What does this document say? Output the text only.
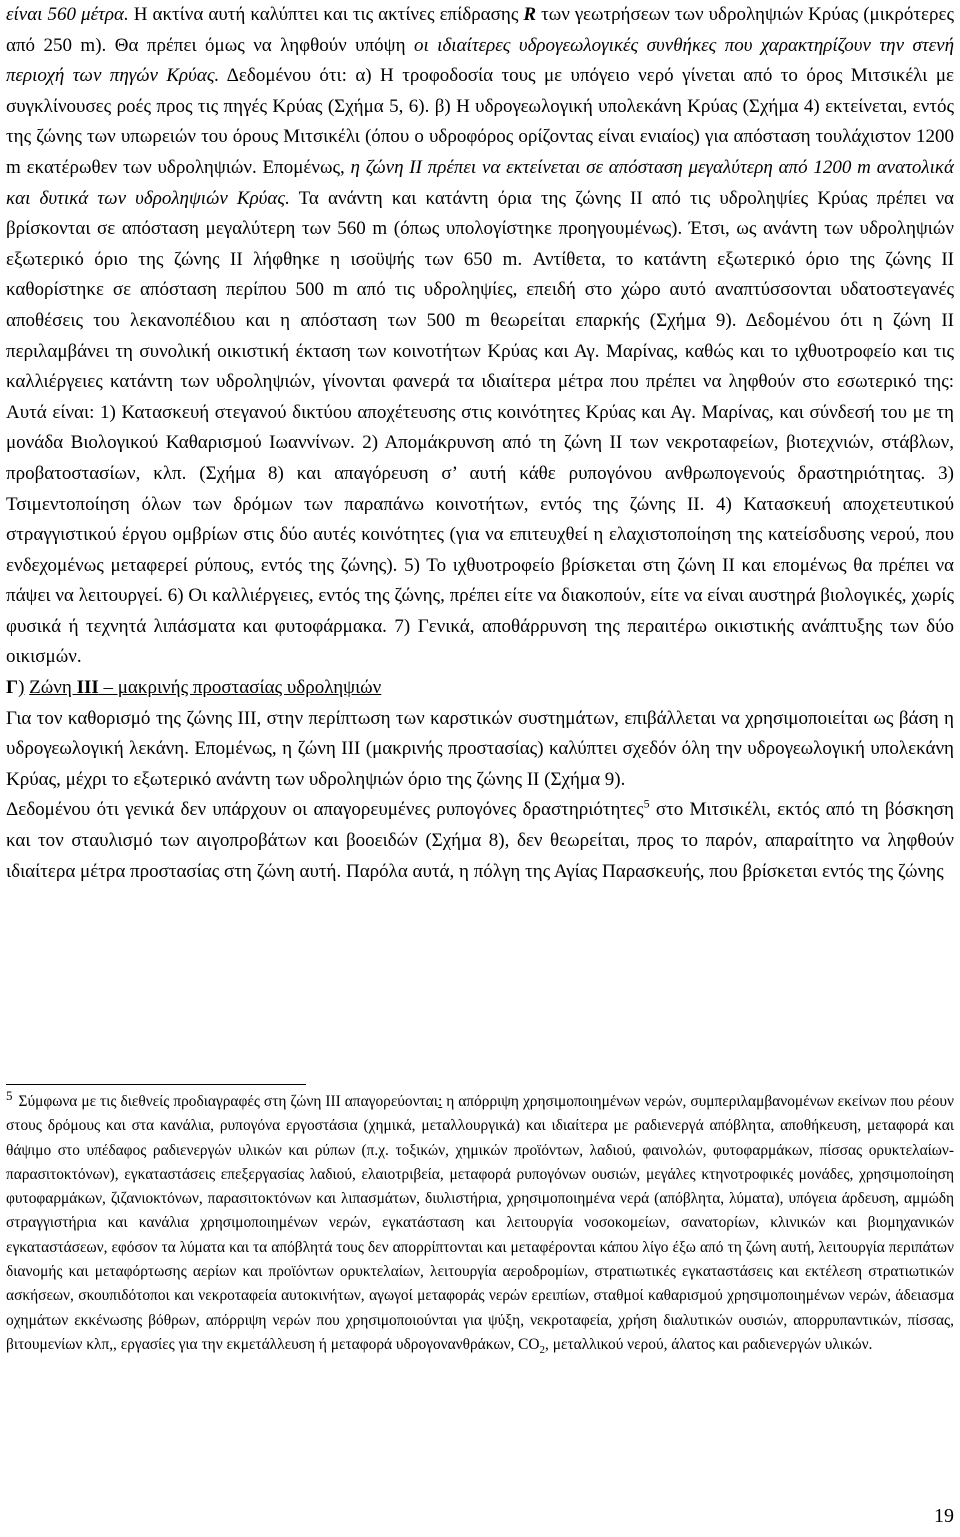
είναι 560 μέτρα. Η ακτίνα αυτή καλύπτει και τις ακτίνες επίδρασης R των γεωτρήσεων των υδροληψιών Κρύας (μικρότερες από 250 m). Θα πρέπει όμως να ληφθούν υπόψη οι ιδιαίτερες υδρογεωλογικές συνθήκες που χαρακτηρίζουν την στενή περιοχή των πηγών Κρύας. Δεδομένου ότι: α) Η τροφοδοσία τους με υπόγειο νερό γίνεται από το όρος Μιτσικέλι με συγκλίνουσες ροές προς τις πηγές Κρύας (Σχήμα 5, 6). β) Η υδρογεωλογική υπολεκάνη Κρύας (Σχήμα 4) εκτείνεται, εντός της ζώνης των υπωρειών του όρους Μιτσικέλι (όπου ο υδροφόρος ορίζοντας είναι ενιαίος) για απόσταση τουλάχιστον 1200 m εκατέρωθεν των υδροληψιών. Επομένως, η ζώνη ΙΙ πρέπει να εκτείνεται σε απόσταση μεγαλύτερη από 1200 m ανατολικά και δυτικά των υδροληψιών Κρύας. Τα ανάντη και κατάντη όρια της ζώνης ΙΙ από τις υδροληψίες Κρύας πρέπει να βρίσκονται σε απόσταση μεγαλύτερη των 560 m (όπως υπολογίστηκε προηγουμένως). Έτσι, ως ανάντη των υδροληψιών εξωτερικό όριο της ζώνης ΙΙ λήφθηκε η ισοϋψής των 650 m. Αντίθετα, το κατάντη εξωτερικό όριο της ζώνης ΙΙ καθορίστηκε σε απόσταση περίπου 500 m από τις υδροληψίες, επειδή στο χώρο αυτό αναπτύσσονται υδατοστεγανές αποθέσεις του λεκανοπέδιου και η απόσταση των 500 m θεωρείται επαρκής (Σχήμα 9). Δεδομένου ότι η ζώνη ΙΙ περιλαμβάνει τη συνολική οικιστική έκταση των κοινοτήτων Κρύας και Αγ. Μαρίνας, καθώς και το ιχθυοτροφείο και τις καλλιέργειες κατάντη των υδροληψιών, γίνονται φανερά τα ιδιαίτερα μέτρα που πρέπει να ληφθούν στο εσωτερικό της: Αυτά είναι: 1) Κατασκευή στεγανού δικτύου αποχέτευσης στις κοινότητες Κρύας και Αγ. Μαρίνας, και σύνδεσή του με τη μονάδα Βιολογικού Καθαρισμού Ιωαννίνων. 2) Απομάκρυνση από τη ζώνη ΙΙ των νεκροταφείων, βιοτεχνιών, στάβλων, προβατοστασίων, κλπ. (Σχήμα 8) και απαγόρευση σ’ αυτή κάθε ρυπογόνου ανθρωπογενούς δραστηριότητας. 3) Τσιμεντοποίηση όλων των δρόμων των παραπάνω κοινοτήτων, εντός της ζώνης ΙΙ. 4) Κατασκευή αποχετευτικού στραγγιστικού έργου ομβρίων στις δύο αυτές κοινότητες (για να επιτευχθεί η ελαχιστοποίηση της κατείσδυσης νερού, που ενδεχομένως μεταφερεί ρύπους, εντός της ζώνης). 5) Το ιχθυοτροφείο βρίσκεται στη ζώνη ΙΙ και επομένως θα πρέπει να πάψει να λειτουργεί. 6) Οι καλλιέργειες, εντός της ζώνης, πρέπει είτε να διακοπούν, είτε να είναι αυστηρά βιολογικές, χωρίς φυσικά ή τεχνητά λιπάσματα και φυτοφάρμακα. 7) Γενικά, αποθάρρυνση της περαιτέρω οικιστικής ανάπτυξης των δύο οικισμών.

Γ) Ζώνη ΙΙΙ – μακρινής προστασίας υδροληψιών

Για τον καθορισμό της ζώνης ΙΙΙ, στην περίπτωση των καρστικών συστημάτων, επιβάλλεται να χρησιμοποιείται ως βάση η υδρογεωλογική λεκάνη. Επομένως, η ζώνη ΙΙΙ (μακρινής προστασίας) καλύπτει σχεδόν όλη την υδρογεωλογική υπολεκάνη Κρύας, μέχρι το εξωτερικό ανάντη των υδροληψιών όριο της ζώνης ΙΙ (Σχήμα 9).

Δεδομένου ότι γενικά δεν υπάρχουν οι απαγορευμένες ρυπογόνες δραστηριότητες$^5$ στο Μιτσικέλι, εκτός από τη βόσκηση και τον σταυλισμό των αιγοπροβάτων και βοοειδών (Σχήμα 8), δεν θεωρείται, προς το παρόν, απαραίτητο να ληφθούν ιδιαίτερα μέτρα προστασίας στη ζώνη αυτή. Παρόλα αυτά, η πόλγη της Αγίας Παρασκευής, που βρίσκεται εντός της ζώνης

$^5$ Σύμφωνα με τις διεθνείς προδιαγραφές στη ζώνη ΙΙΙ απαγορεύονται: η απόρριψη χρησιμοποιημένων νερών, συμπεριλαμβανομένων εκείνων που ρέουν στους δρόμους και στα κανάλια, ρυπογόνα εργοστάσια (χημικά, μεταλλουργικά) και ιδιαίτερα με ραδιενεργά απόβλητα, αποθήκευση, μεταφορά και θάψιμο στο υπέδαφος ραδιενεργών υλικών και ρύπων (π.χ. τοξικών, χημικών προϊόντων, λαδιού, φαινολών, φυτοφαρμάκων, πίσσας ορυκτελαίων-παρασιτοκτόνων), εγκαταστάσεις επεξεργασίας λαδιού, ελαιοτριβεία, μεταφορά ρυπογόνων ουσιών, μεγάλες κτηνοτροφικές μονάδες, χρησιμοποίηση φυτοφαρμάκων, ζιζανιοκτόνων, παρασιτοκτόνων και λιπασμάτων, διυλιστήρια, χρησιμοποιημένα νερά (απόβλητα, λύματα), υπόγεια άρδευση, αμμώδη στραγγιστήρια και κανάλια χρησιμοποιημένων νερών, εγκατάσταση και λειτουργία νοσοκομείων, σανατορίων, κλινικών και βιομηχανικών εγκαταστάσεων, εφόσον τα λύματα και τα απόβλητά τους δεν απορρίπτονται και μεταφέρονται κάπου λίγο έξω από τη ζώνη αυτή, λειτουργία περιπάτων διανομής και μεταφόρτωσης αερίων και προϊόντων ορυκτελαίων, λειτουργία αεροδρομίων, στρατιωτικές εγκαταστάσεις και εκτέλεση στρατιωτικών ασκήσεων, σκουπιδότοποι και νεκροταφεία αυτοκινήτων, αγωγοί μεταφοράς νερών ερειπίων, σταθμοί καθαρισμού χρησιμοποιημένων νερών, άδειασμα οχημάτων εκκένωσης βόθρων, απόρριψη νερών που χρησιμοποιούνται για ψύξη, νεκροταφεία, χρήση διαλυτικών ουσιών, απορρυπαντικών, πίσσας, βιτουμενίων κλπ,, εργασίες για την εκμετάλλευση ή μεταφορά υδρογονανθράκων, $CO_2$, μεταλλικού νερού, άλατος και ραδιενεργών υλικών.

19
